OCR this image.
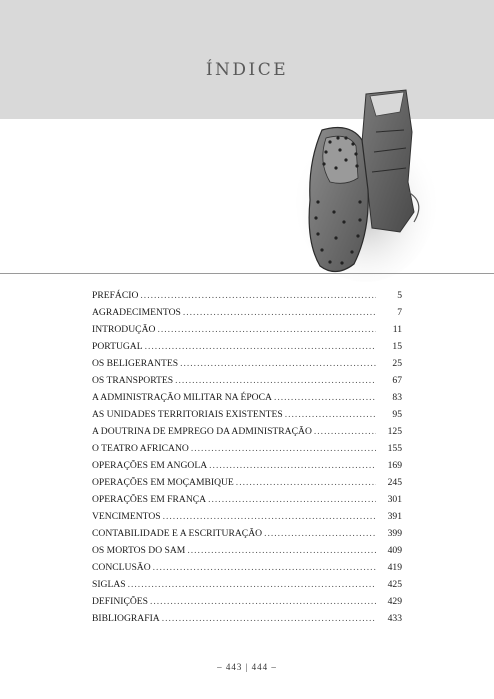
ÍNDICE
PREFÁCIO .....	5
AGRADECIMENTOS .....	7
INTRODUÇÃO .....	11
PORTUGAL .....	15
OS BELIGERANTES .....	25
OS TRANSPORTES .....	67
A ADMINISTRAÇÃO MILITAR NA ÉPOCA .....	83
AS UNIDADES TERRITORIAIS EXISTENTES .....	95
A DOUTRINA DE EMPREGO DA ADMINISTRAÇÃO .....	125
O TEATRO AFRICANO .....	155
OPERAÇÕES EM ANGOLA .....	169
OPERAÇÕES EM MOÇAMBIQUE .....	245
OPERAÇÕES EM FRANÇA .....	301
VENCIMENTOS .....	391
CONTABILIDADE E A ESCRITURAÇÃO .....	399
OS MORTOS DO SAM .....	409
CONCLUSÃO .....	419
SIGLAS .....	425
DEFINIÇÕES .....	429
BIBLIOGRAFIA .....	433
– 443 | 444 –
